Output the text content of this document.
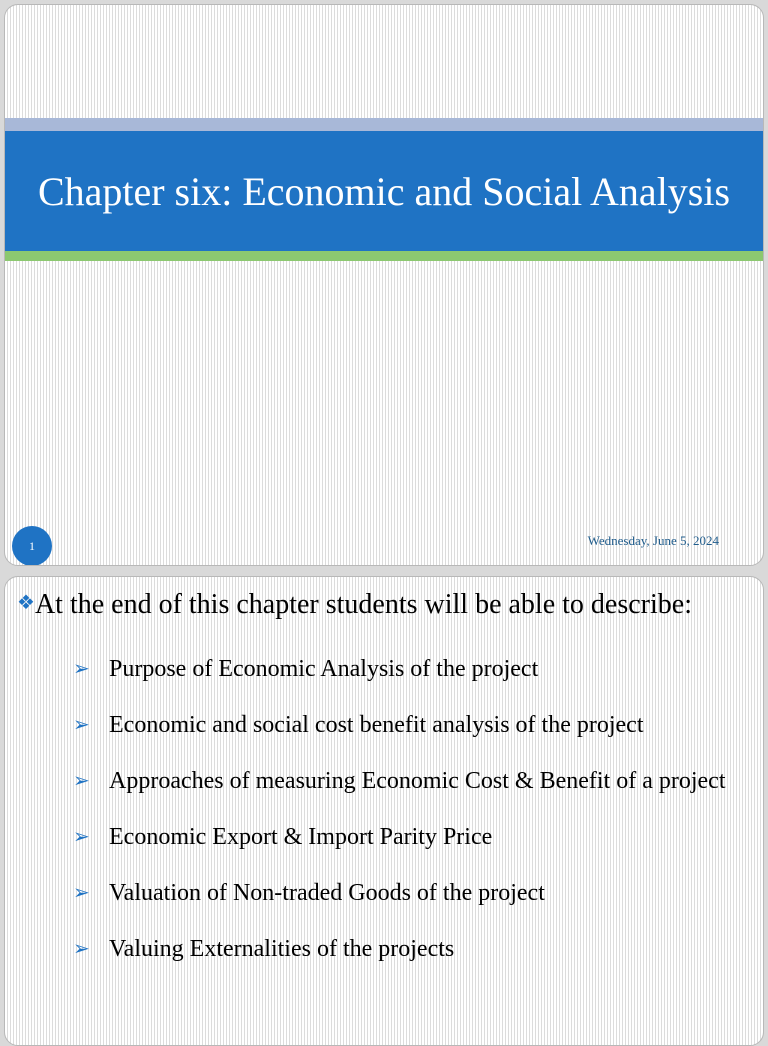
Chapter six: Economic and Social Analysis
1	Wednesday, June 5, 2024
❖At the end of this chapter students will be able to describe:
➢ Purpose of Economic Analysis of the project
➢ Economic and social cost benefit analysis of the project
➢ Approaches of measuring Economic Cost & Benefit of a project
➢ Economic Export & Import Parity Price
➢ Valuation of Non-traded Goods of the project
➢ Valuing Externalities of the projects
